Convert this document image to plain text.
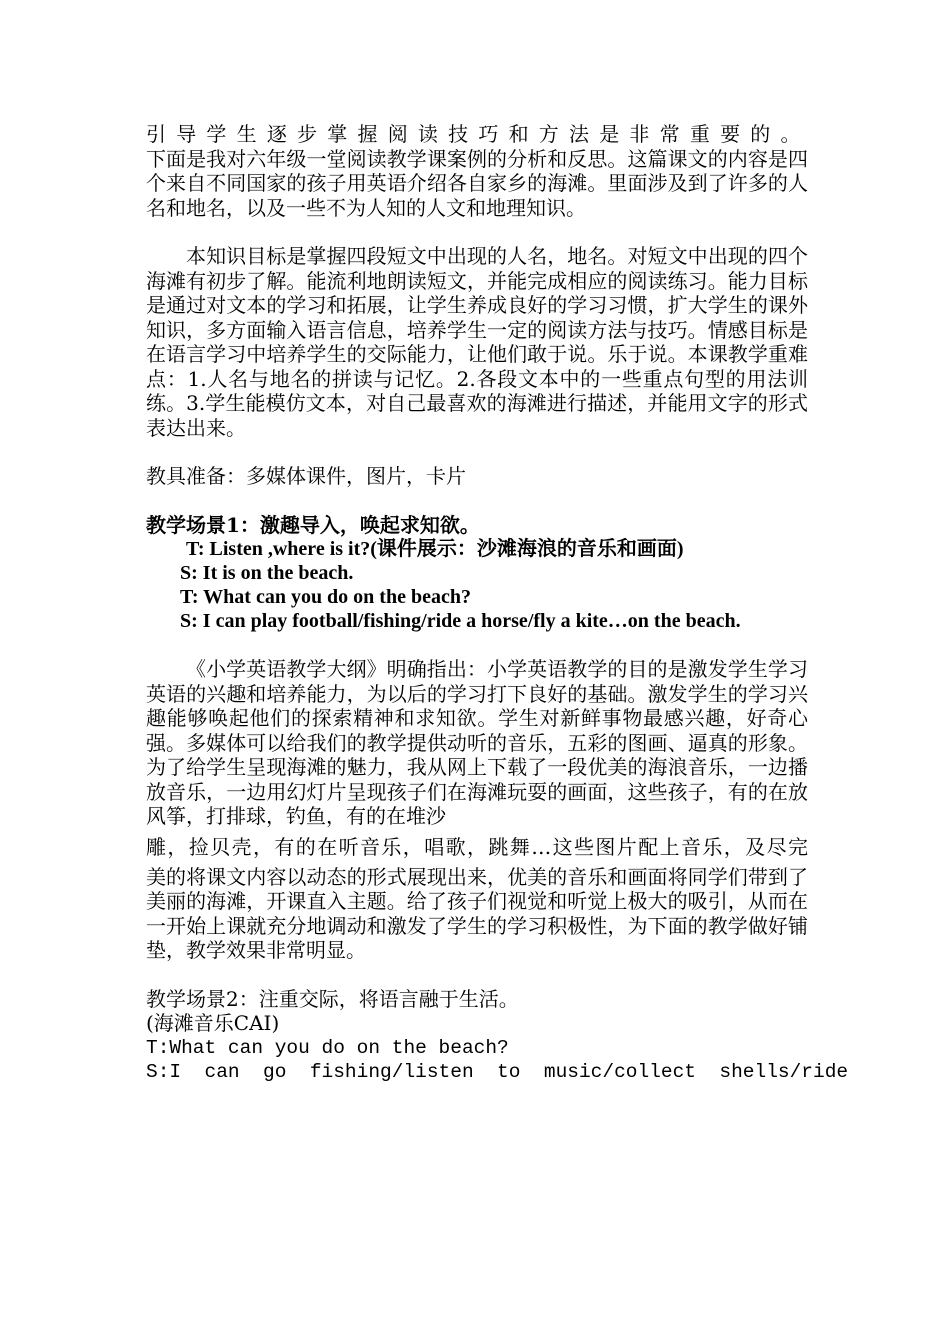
引导学生逐步掌握阅读技巧和方法是非常重要的。

下面是我对六年级一堂阅读教学课案例的分析和反思。这篇课文的内容是四个来自不同国家的孩子用英语介绍各自家乡的海滩。里面涉及到了许多的人名和地名，以及一些不为人知的人文和地理知识。

本知识目标是掌握四段短文中出现的人名，地名。对短文中出现的四个海滩有初步了解。能流利地朗读短文，并能完成相应的阅读练习。能力目标是通过对文本的学习和拓展，让学生养成良好的学习习惯，扩大学生的课外知识，多方面输入语言信息，培养学生一定的阅读方法与技巧。情感目标是在语言学习中培养学生的交际能力，让他们敢于说。乐于说。本课教学重难点：1.人名与地名的拼读与记忆。2.各段文本中的一些重点句型的用法训练。3.学生能模仿文本，对自己最喜欢的海滩进行描述，并能用文字的形式表达出来。

教具准备：多媒体课件，图片，卡片

教学场景1：激趣导入，唤起求知欲。

T: Listen ,where is it?(课件展示：沙滩海浪的音乐和画面)

S: It is on the beach.

T: What can you do on the beach?

S: I can play football/fishing/ride a horse/fly a kite…on the beach.

《小学英语教学大纲》明确指出：小学英语教学的目的是激发学生学习英语的兴趣和培养能力，为以后的学习打下良好的基础。激发学生的学习兴趣能够唤起他们的探索精神和求知欲。学生对新鲜事物最感兴趣，好奇心强。多媒体可以给我们的教学提供动听的音乐，五彩的图画、逼真的形象。为了给学生呈现海滩的魅力，我从网上下载了一段优美的海浪音乐，一边播放音乐，一边用幻灯片呈现孩子们在海滩玩耍的画面，这些孩子，有的在放风筝，打排球，钓鱼，有的在堆沙

雕，捡贝壳，有的在听音乐，唱歌，跳舞…这些图片配上音乐，及尽完

美的将课文内容以动态的形式展现出来，优美的音乐和画面将同学们带到了美丽的海滩，开课直入主题。给了孩子们视觉和听觉上极大的吸引，从而在一开始上课就充分地调动和激发了学生的学习积极性，为下面的教学做好铺垫，教学效果非常明显。

教学场景2：注重交际，将语言融于生活。

(海滩音乐CAI)

T:What can you do on the beach?

S:I  can  go  fishing/listen  to  music/collect  shells/ride
